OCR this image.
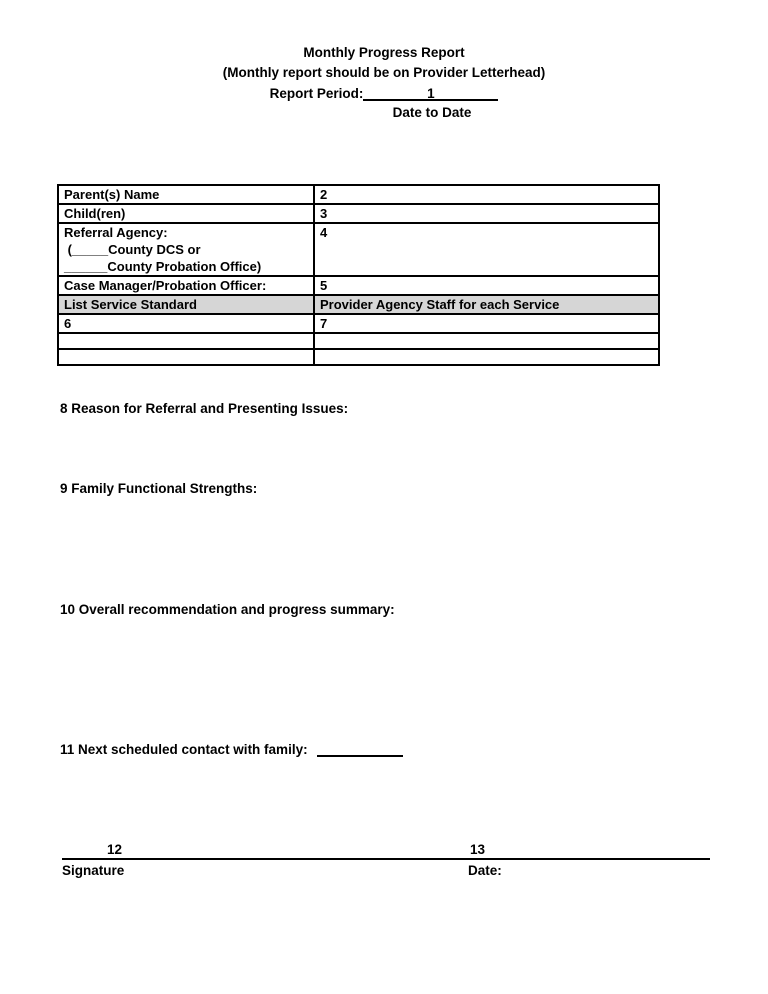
Monthly Progress Report
(Monthly report should be on Provider Letterhead)
Report Period:	1
Date to Date
Parent(s) Name	2
Child(ren)	3

Referral Agency:
(_____County DCS or
______County Probation Office)	4
Case Manager/Probation Officer:	5
List Service Standard	Provider Agency Staff for each Service
6	7

8 Reason for Referral and Presenting Issues:
9 Family Functional Strengths:
10 Overall recommendation and progress summary:
11 Next scheduled contact with family:
12	13
Signature	Date:
